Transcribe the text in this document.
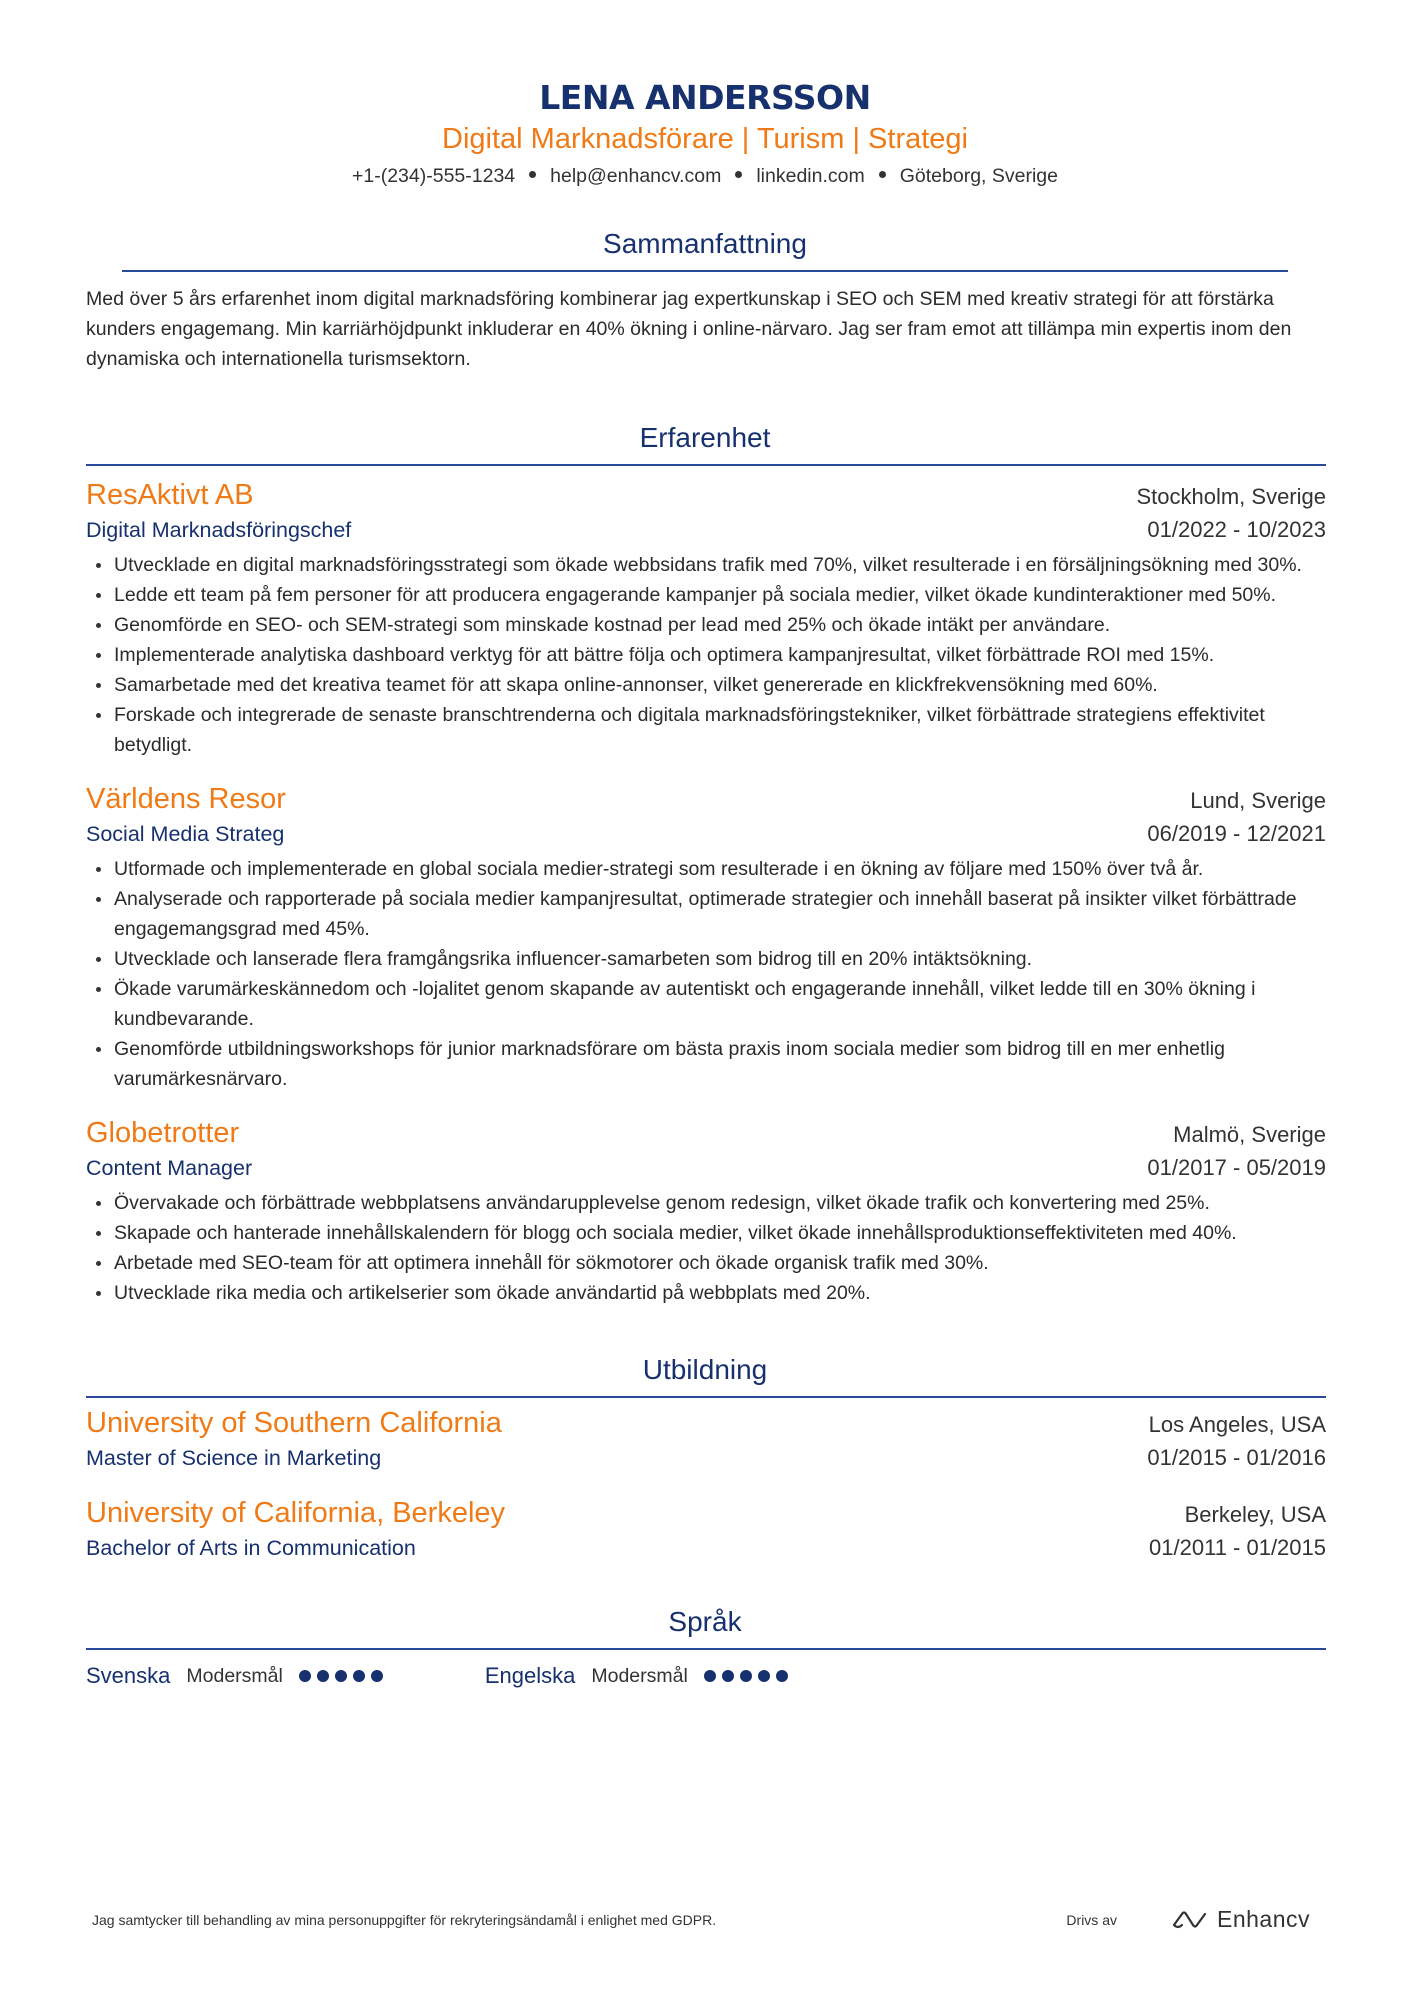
LENA ANDERSSON
Digital Marknadsförare | Turism | Strategi
+1-(234)-555-1234 help@enhancv.com linkedin.com Göteborg, Sverige
Sammanfattning
Med över 5 års erfarenhet inom digital marknadsföring kombinerar jag expertkunskap i SEO och SEM med kreativ strategi för att förstärka kunders engagemang. Min karriärhöjdpunkt inkluderar en 40% ökning i online-närvaro. Jag ser fram emot att tillämpa min expertis inom den dynamiska och internationella turismsektorn.
Erfarenhet
ResAktivt AB	Stockholm, Sverige
Digital Marknadsföringschef	01/2022 - 10/2023
Utvecklade en digital marknadsföringsstrategi som ökade webbsidans trafik med 70%, vilket resulterade i en försäljningsökning med 30%.
Ledde ett team på fem personer för att producera engagerande kampanjer på sociala medier, vilket ökade kundinteraktioner med 50%.
Genomförde en SEO- och SEM-strategi som minskade kostnad per lead med 25% och ökade intäkt per användare.
Implementerade analytiska dashboard verktyg för att bättre följa och optimera kampanjresultat, vilket förbättrade ROI med 15%.
Samarbetade med det kreativa teamet för att skapa online-annonser, vilket genererade en klickfrekvensökning med 60%.
Forskade och integrerade de senaste branschtrenderna och digitala marknadsföringstekniker, vilket förbättrade strategiens effektivitet betydligt.
Världens Resor	Lund, Sverige
Social Media Strateg	06/2019 - 12/2021
Utformade och implementerade en global sociala medier-strategi som resulterade i en ökning av följare med 150% över två år.
Analyserade och rapporterade på sociala medier kampanjresultat, optimerade strategier och innehåll baserat på insikter vilket förbättrade engagemangsgrad med 45%.
Utvecklade och lanserade flera framgångsrika influencer-samarbeten som bidrog till en 20% intäktsökning.
Ökade varumärkeskännedom och -lojalitet genom skapande av autentiskt och engagerande innehåll, vilket ledde till en 30% ökning i kundbevarande.
Genomförde utbildningsworkshops för junior marknadsförare om bästa praxis inom sociala medier som bidrog till en mer enhetlig varumärkesnärvaro.
Globetrotter	Malmö, Sverige
Content Manager	01/2017 - 05/2019
Övervakade och förbättrade webbplatsens användarupplevelse genom redesign, vilket ökade trafik och konvertering med 25%.
Skapade och hanterade innehållskalendern för blogg och sociala medier, vilket ökade innehållsproduktionseffektiviteten med 40%.
Arbetade med SEO-team för att optimera innehåll för sökmotorer och ökade organisk trafik med 30%.
Utvecklade rika media och artikelserier som ökade användartid på webbplats med 20%.
Utbildning
University of Southern California	Los Angeles, USA
Master of Science in Marketing	01/2015 - 01/2016
University of California, Berkeley	Berkeley, USA
Bachelor of Arts in Communication	01/2011 - 01/2015
Språk
Svenska Modersmål	Engelska Modersmål
Jag samtycker till behandling av mina personuppgifter för rekryteringsändamål i enlighet med GDPR.	Drivs av	Enhancv
